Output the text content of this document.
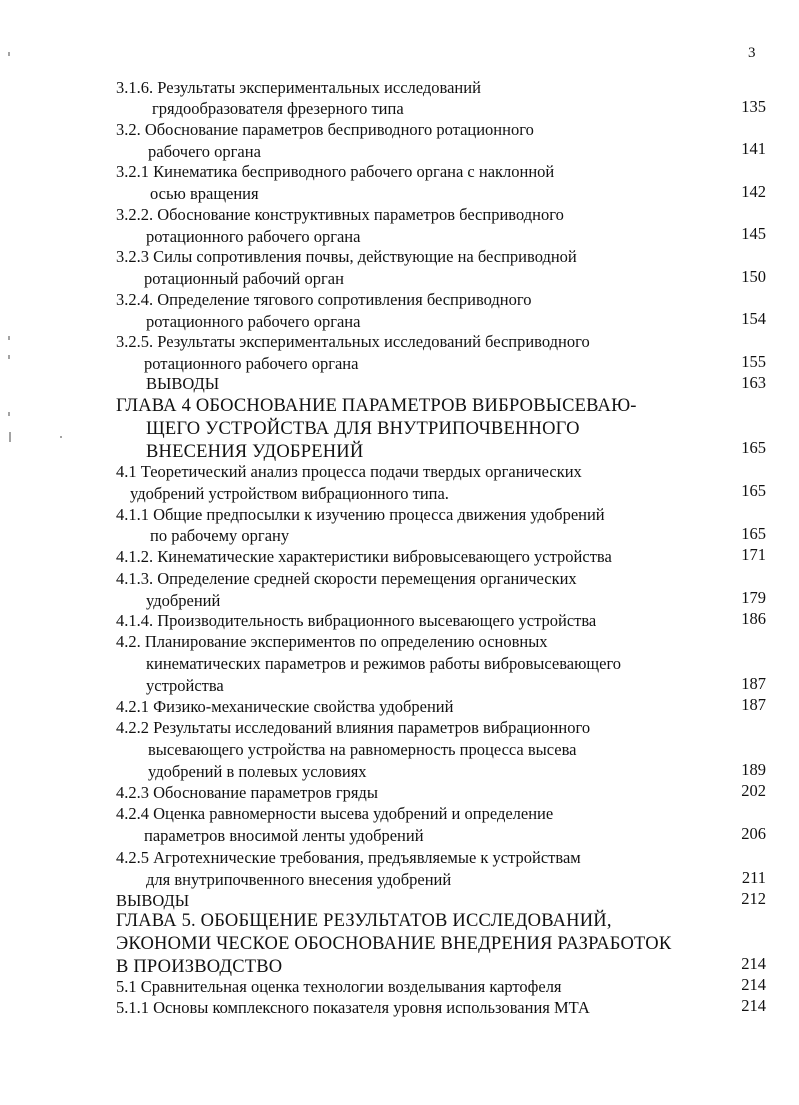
3
3.1.6. Результаты экспериментальных исследований
грядообразователя фрезерного типа	135
3.2. Обоснование параметров бесприводного ротационного
рабочего органа	141
3.2.1 Кинематика бесприводного рабочего органа с наклонной
осью вращения	142
3.2.2. Обоснование конструктивных параметров бесприводного
ротационного рабочего органа	145
3.2.3 Силы сопротивления почвы, действующие на бесприводной
ротационный рабочий орган	150
3.2.4. Определение тягового сопротивления бесприводного
ротационного рабочего органа	154
3.2.5. Результаты экспериментальных исследований бесприводного
ротационного рабочего органа	155
ВЫВОДЫ	163
ГЛАВА 4 ОБОСНОВАНИЕ ПАРАМЕТРОВ ВИБРОВЫСЕВАЮ-
ЩЕГО УСТРОЙСТВА ДЛЯ ВНУТРИПОЧВЕННОГО
ВНЕСЕНИЯ УДОБРЕНИЙ	165
4.1 Теоретический анализ процесса подачи твердых органических
удобрений устройством вибрационного типа.	165
4.1.1 Общие предпосылки к изучению процесса движения удобрений
по рабочему органу	165
4.1.2. Кинематические характеристики вибровысевающего устройства	171
4.1.3. Определение средней скорости перемещения органических
удобрений	179
4.1.4. Производительность вибрационного высевающего устройства	186
4.2. Планирование экспериментов по определению основных
кинематических параметров и режимов работы вибровысевающего
устройства	187
4.2.1 Физико-механические свойства удобрений	187
4.2.2 Результаты исследований влияния параметров вибрационного
высевающего устройства на равномерность процесса высева
удобрений в полевых условиях	189
4.2.3 Обоснование параметров гряды	202
4.2.4 Оценка равномерности высева удобрений и определение
параметров вносимой ленты удобрений	206
4.2.5 Агротехнические требования, предъявляемые к устройствам
для внутрипочвенного внесения удобрений	211
ВЫВОДЫ	212
ГЛАВА 5. ОБОБЩЕНИЕ РЕЗУЛЬТАТОВ ИССЛЕДОВАНИЙ,
ЭКОНОМИ ЧЕСКОЕ ОБОСНОВАНИЕ ВНЕДРЕНИЯ РАЗРАБОТОК
В ПРОИЗВОДСТВО	214
5.1 Сравнительная оценка технологии возделывания картофеля	214
5.1.1 Основы комплексного показателя уровня использования МТА	214
